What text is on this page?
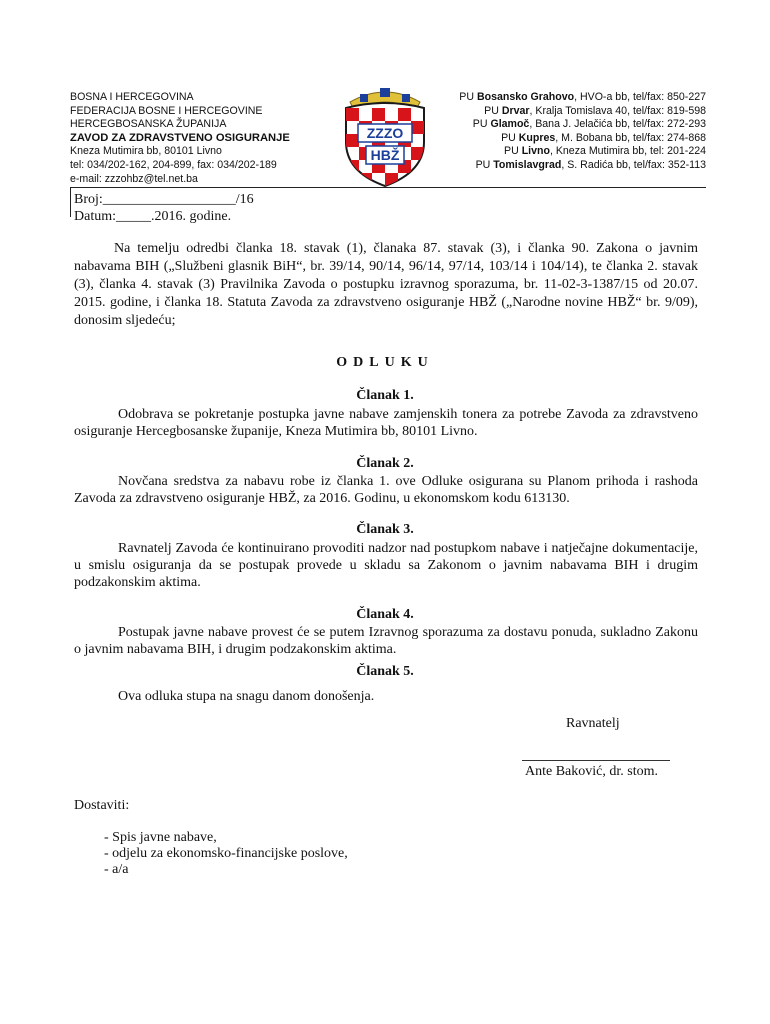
BOSNA I HERCEGOVINA
FEDERACIJA BOSNE I HERCEGOVINE
HERCEGBOSANSKA ŽUPANIJA
ZAVOD ZA ZDRAVSTVENO OSIGURANJE
Kneza Mutimira bb, 80101 Livno
tel: 034/202-162, 204-899, fax: 034/202-189
e-mail: zzzohbz@tel.net.ba
ZZZO
HBŽ
PU Bosansko Grahovo, HVO-a bb, tel/fax: 850-227
PU Drvar, Kralja Tomislava 40, tel/fax: 819-598
PU Glamoč, Bana J. Jelačića bb, tel/fax: 272-293
PU Kupres, M. Bobana bb, tel/fax: 274-868
PU Livno, Kneza Mutimira bb, tel: 201-224
PU Tomislavgrad, S. Radića bb, tel/fax: 352-113
Broj:___________________/16
Datum:_____.2016. godine.
Na temelju odredbi članka 18. stavak (1), članaka 87. stavak (3), i članka 90. Zakona o javnim nabavama BIH („Službeni glasnik BiH“, br. 39/14, 90/14, 96/14, 97/14, 103/14 i 104/14), te članka 2. stavak (3), članka 4. stavak (3) Pravilnika Zavoda o postupku izravnog sporazuma, br. 11-02-3-1387/15 od 20.07. 2015. godine, i članka 18. Statuta Zavoda za zdravstveno osiguranje HBŽ („Narodne novine HBŽ“ br. 9/09), donosim sljedeću;
ODLUKU
Članak 1.
Odobrava se pokretanje postupka javne nabave zamjenskih tonera za potrebe Zavoda za zdravstveno osiguranje Hercegbosanske županije, Kneza Mutimira bb, 80101 Livno.
Članak 2.
Novčana sredstva za nabavu robe iz članka 1. ove Odluke osigurana su Planom prihoda i rashoda Zavoda za zdravstveno osiguranje HBŽ, za 2016. Godinu, u ekonomskom kodu 613130.
Članak 3.
Ravnatelj Zavoda će kontinuirano provoditi nadzor nad postupkom nabave i natječajne dokumentacije, u smislu osiguranja da se postupak provede u skladu sa Zakonom o javnim nabavama BIH i drugim podzakonskim aktima.
Članak 4.
Postupak javne nabave provest će se putem Izravnog sporazuma za dostavu ponuda, sukladno Zakonu o javnim nabavama BIH, i drugim podzakonskim aktima.
Članak 5.
Ova odluka stupa na snagu danom donošenja.
Ravnatelj
Ante Baković, dr. stom.
Dostaviti:
- Spis javne nabave,
- odjelu za ekonomsko-financijske poslove,
- a/a
